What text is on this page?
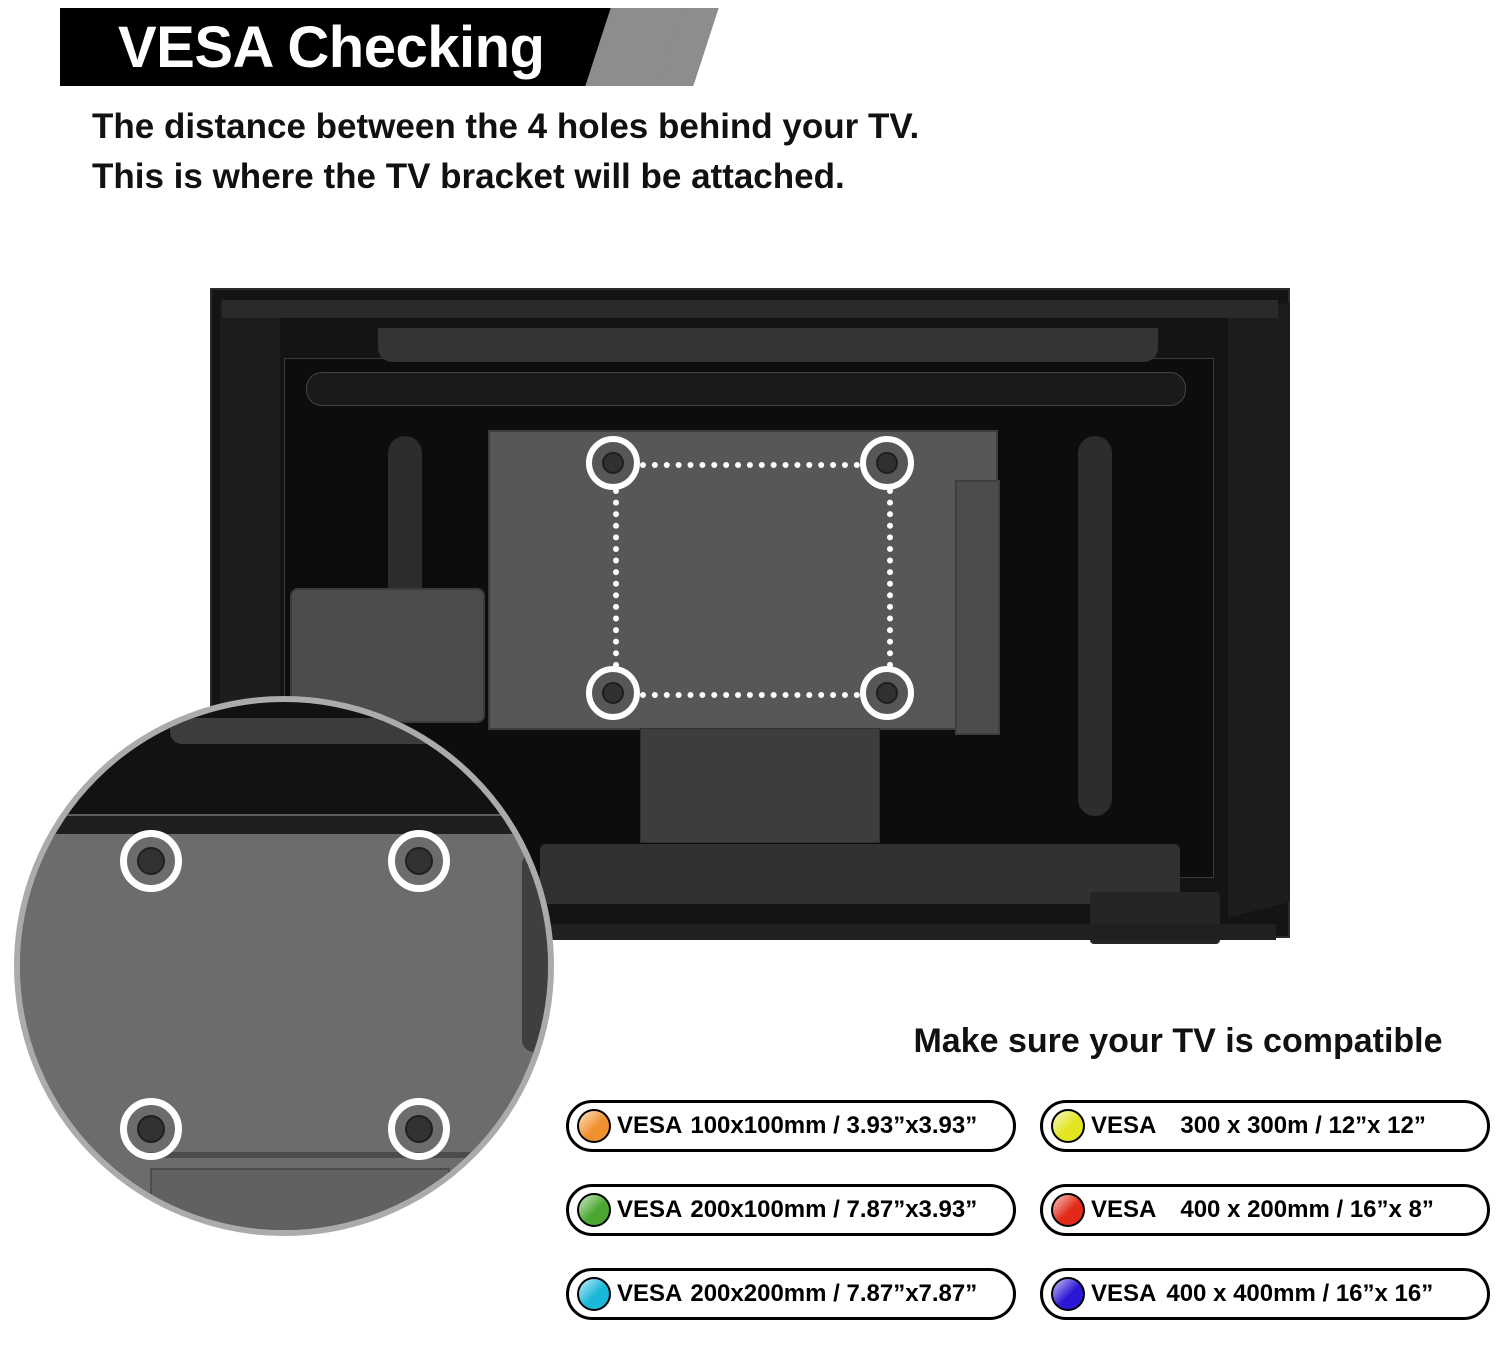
VESA Checking
The distance between the 4 holes behind your TV.
This is where the TV bracket will be attached.
Make sure your TV is compatible
VESA 100x100mm / 3.93”x3.93”
VESA 200x100mm / 7.87”x3.93”
VESA 200x200mm / 7.87”x7.87”
VESA 300 x 300m / 12”x 12”
VESA 400 x 200mm / 16”x 8”
VESA 400 x 400mm / 16”x 16”
